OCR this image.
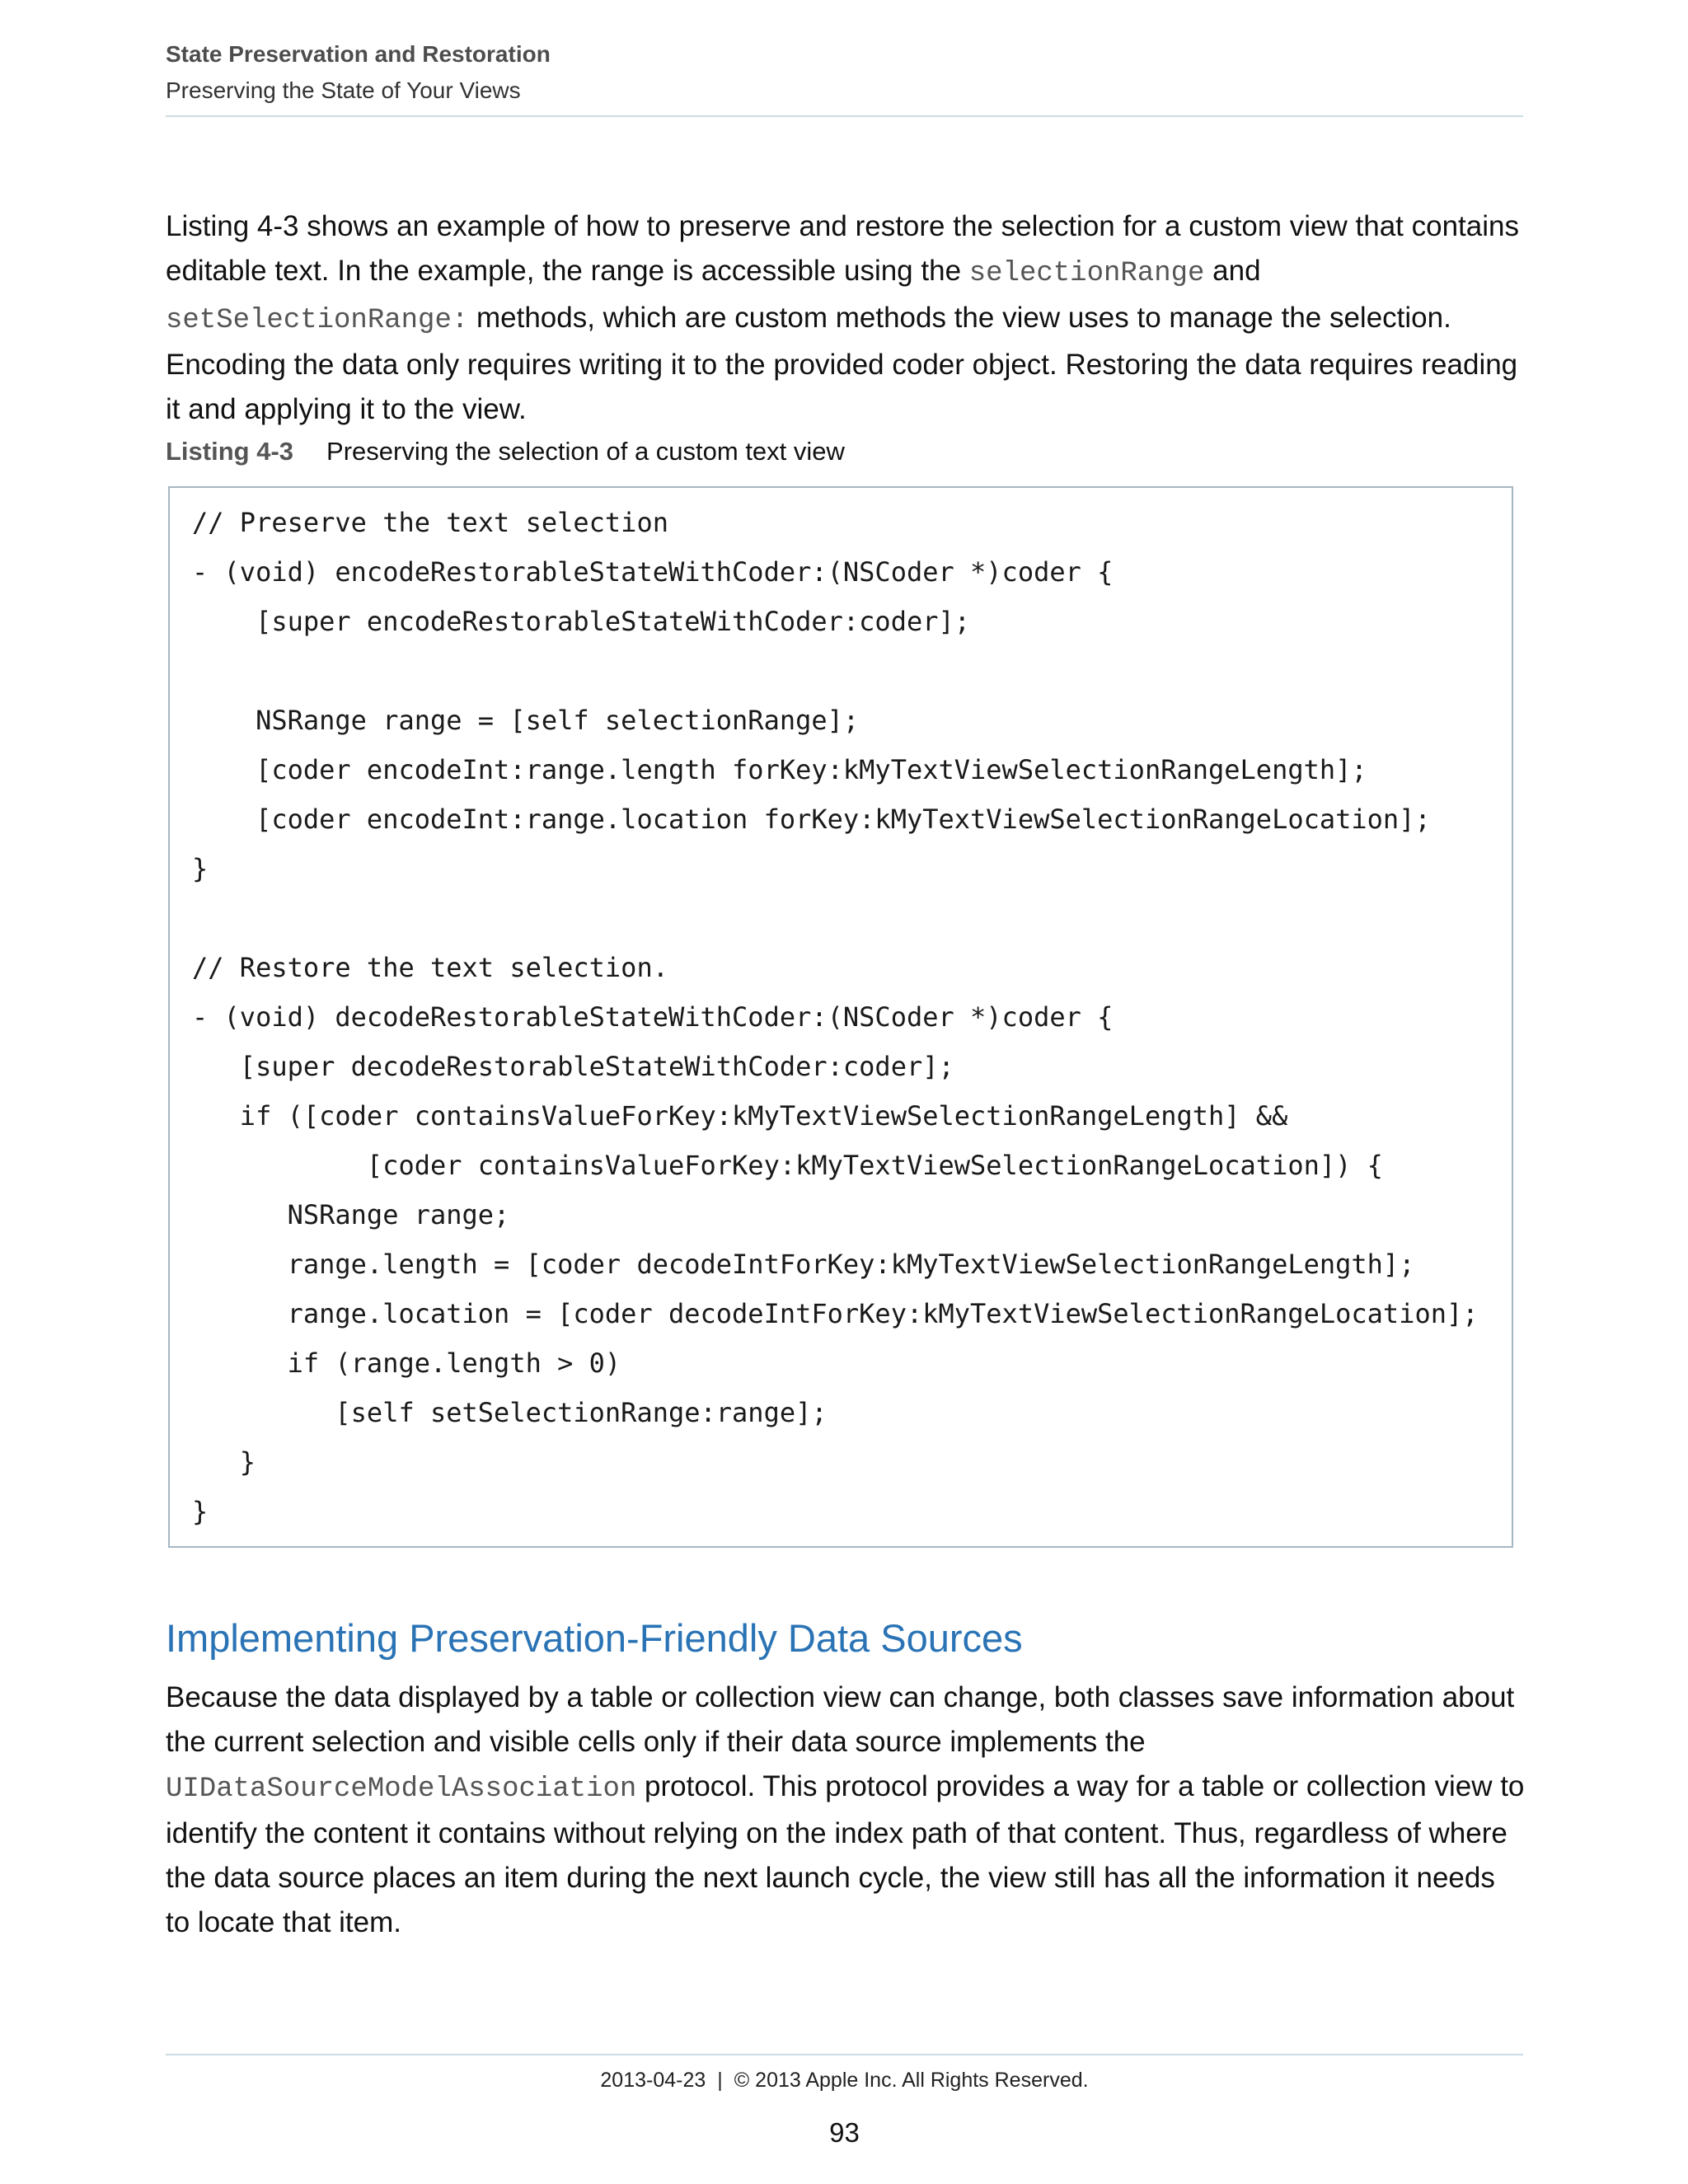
State Preservation and Restoration
Preserving the State of Your Views

Listing 4-3 shows an example of how to preserve and restore the selection for a custom view that contains editable text. In the example, the range is accessible using the selectionRange and setSelectionRange: methods, which are custom methods the view uses to manage the selection. Encoding the data only requires writing it to the provided coder object. Restoring the data requires reading it and applying it to the view.

Listing 4-3 Preserving the selection of a custom text view
// Preserve the text selection
- (void) encodeRestorableStateWithCoder:(NSCoder *)coder {
[super encodeRestorableStateWithCoder:coder];
NSRange range = [self selectionRange];
[coder encodeInt:range.length forKey:kMyTextViewSelectionRangeLength];
[coder encodeInt:range.location forKey:kMyTextViewSelectionRangeLocation];
}
// Restore the text selection.
- (void) decodeRestorableStateWithCoder:(NSCoder *)coder {
[super decodeRestorableStateWithCoder:coder];
if ([coder containsValueForKey:kMyTextViewSelectionRangeLength] &&
[coder containsValueForKey:kMyTextViewSelectionRangeLocation]) {
NSRange range;
range.length = [coder decodeIntForKey:kMyTextViewSelectionRangeLength];
range.location = [coder decodeIntForKey:kMyTextViewSelectionRangeLocation];
if (range.length > 0)
[self setSelectionRange:range];
}
}
Implementing Preservation-Friendly Data Sources

Because the data displayed by a table or collection view can change, both classes save information about the current selection and visible cells only if their data source implements the UIDataSourceModelAssociation protocol. This protocol provides a way for a table or collection view to identify the content it contains without relying on the index path of that content. Thus, regardless of where the data source places an item during the next launch cycle, the view still has all the information it needs to locate that item.

2013-04-23 | © 2013 Apple Inc. All Rights Reserved.
93
